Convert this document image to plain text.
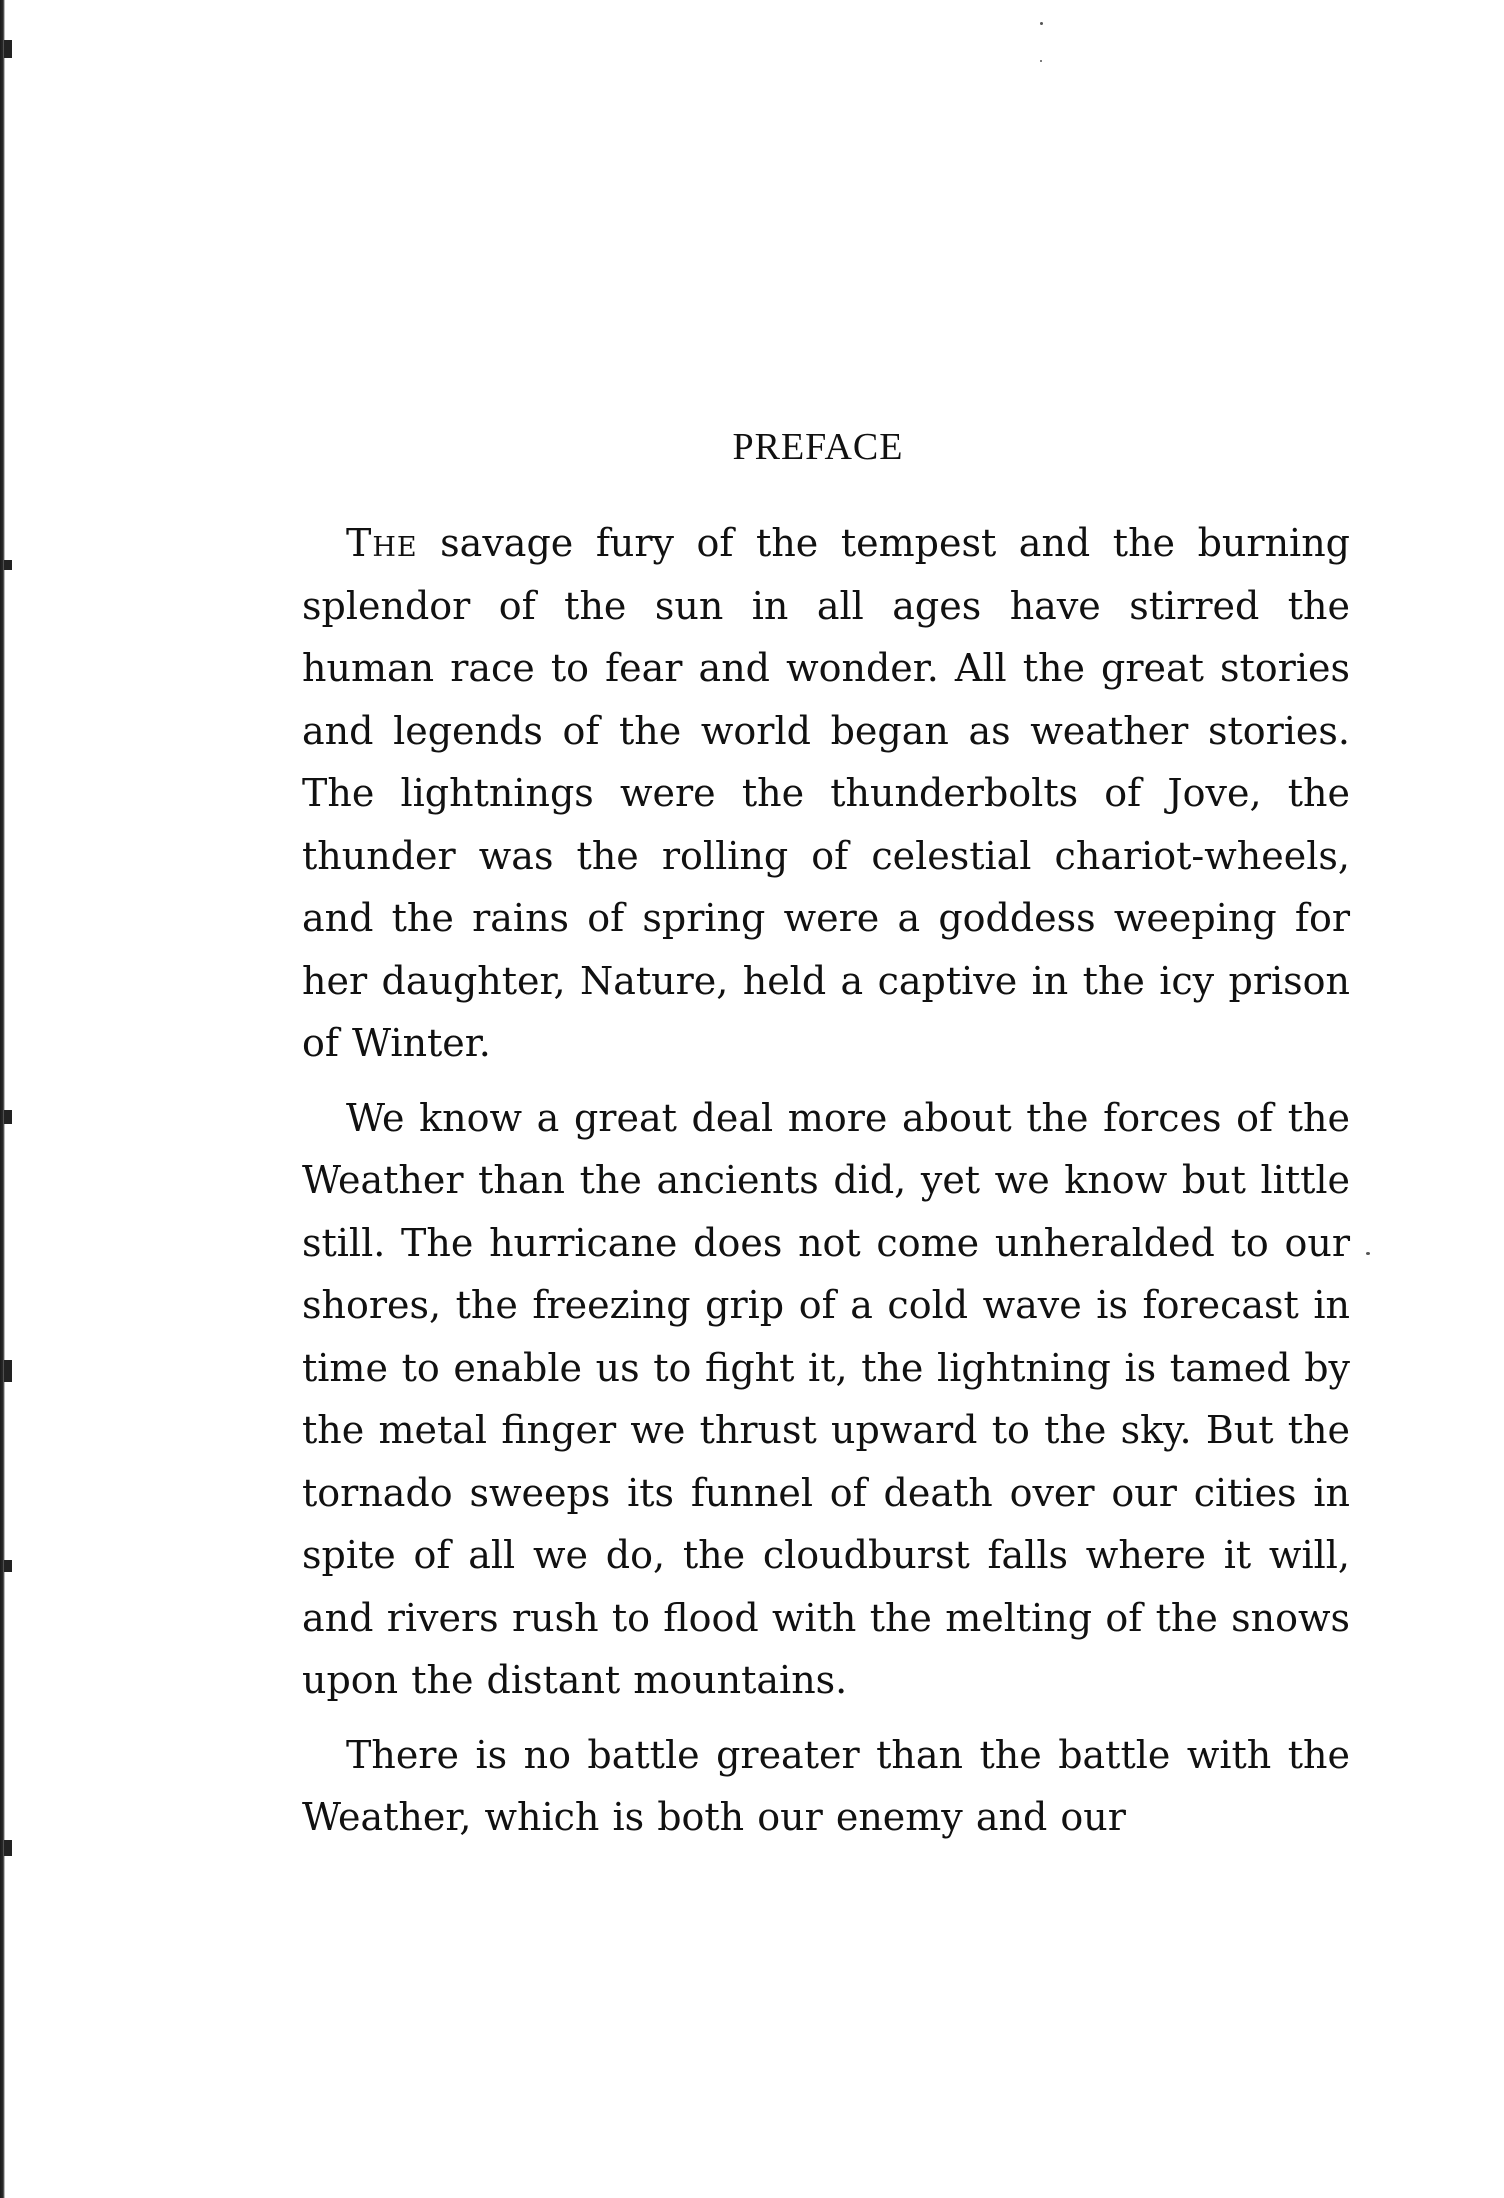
PREFACE

The savage fury of the tempest and the burning splendor of the sun in all ages have stirred the human race to fear and wonder. All the great stories and legends of the world began as weather stories. The lightnings were the thunderbolts of Jove, the thunder was the rolling of celestial chariot-wheels, and the rains of spring were a goddess weeping for her daughter, Nature, held a captive in the icy prison of Winter.

We know a great deal more about the forces of the Weather than the ancients did, yet we know but little still. The hurricane does not come unheralded to our shores, the freezing grip of a cold wave is forecast in time to enable us to fight it, the lightning is tamed by the metal finger we thrust upward to the sky. But the tornado sweeps its funnel of death over our cities in spite of all we do, the cloudburst falls where it will, and rivers rush to flood with the melting of the snows upon the distant mountains.

There is no battle greater than the battle with the Weather, which is both our enemy and our
